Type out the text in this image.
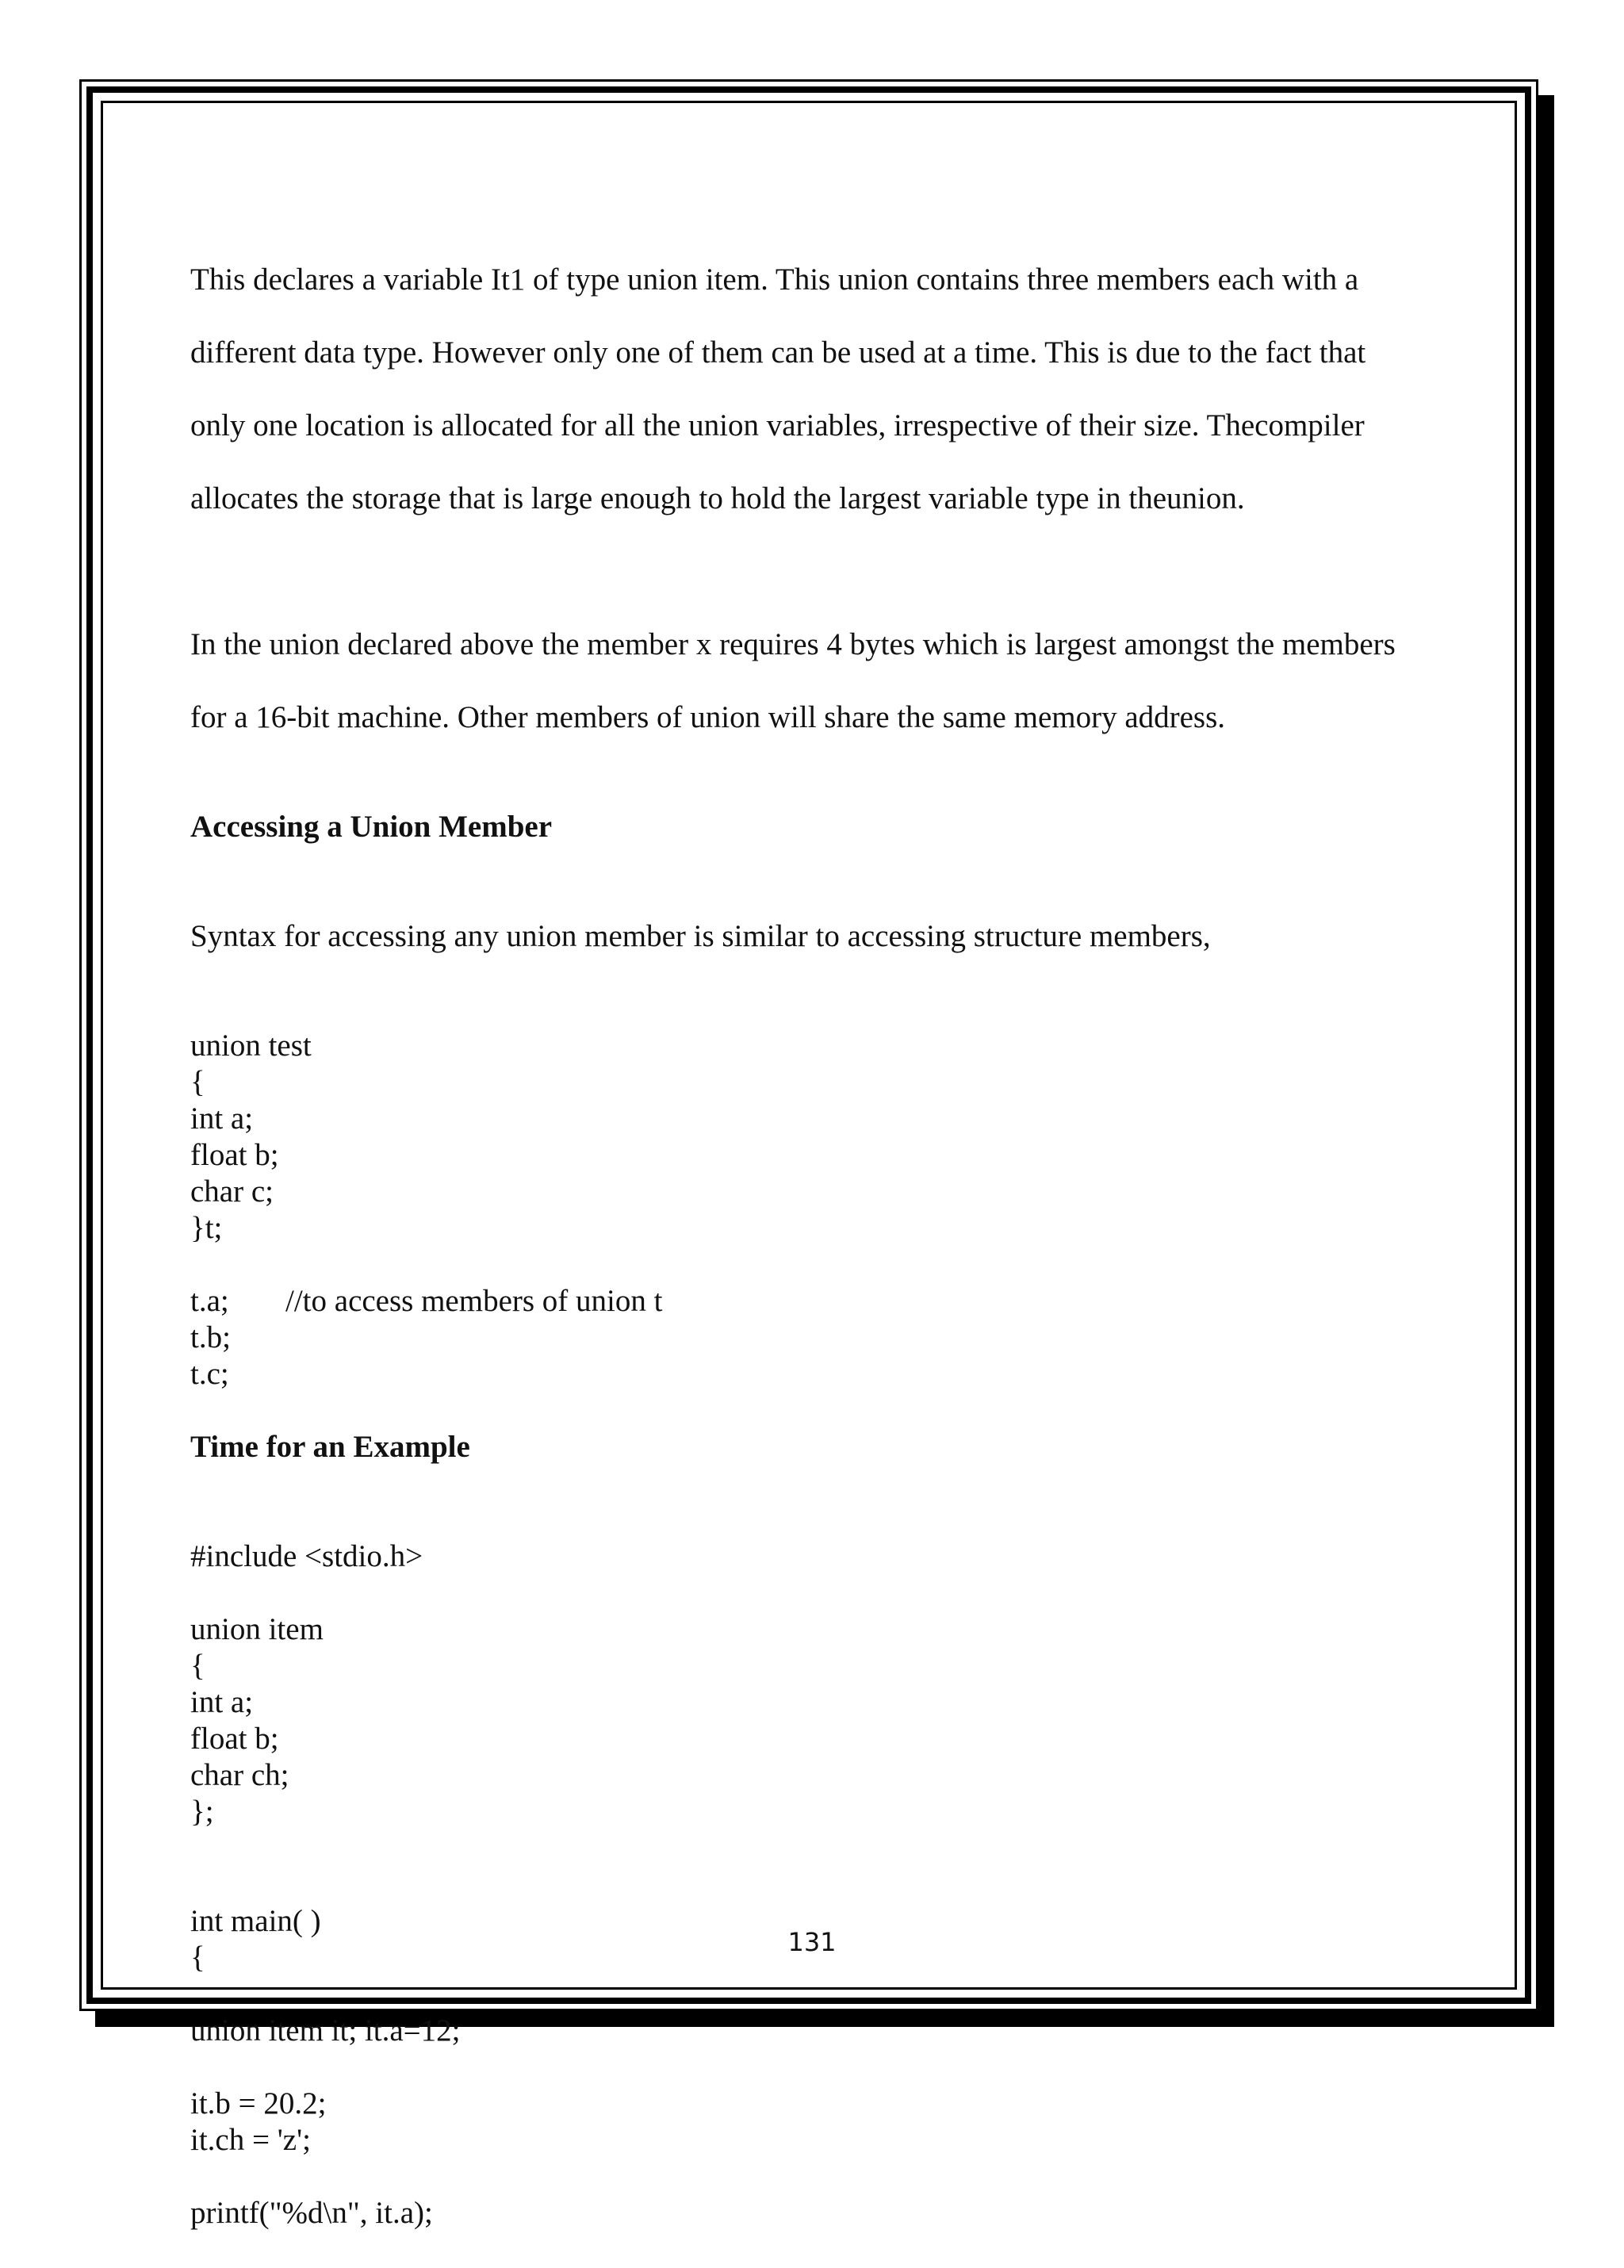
This declares a variable It1 of type union item. This union contains three members each with a

different data type. However only one of them can be used at a time. This is due to the fact that

only one location is allocated for all the union variables, irrespective of their size. Thecompiler

allocates the storage that is large enough to hold the largest variable type in theunion.

In the union declared above the member x requires 4 bytes which is largest amongst the members

for a 16-bit machine. Other members of union will share the same memory address.

Accessing a Union Member

Syntax for accessing any union member is similar to accessing structure members,

union test
{
int a;
float b;
char c;
}t;
t.a; //to access members of union t
t.b;
t.c;
Time for an Example
#include <stdio.h>
union item
{
int a;
float b;
char ch;
};
int main( )
{
union item it; it.a=12;
it.b = 20.2;
it.ch = 'z';
printf("%d\n", it.a);
131
